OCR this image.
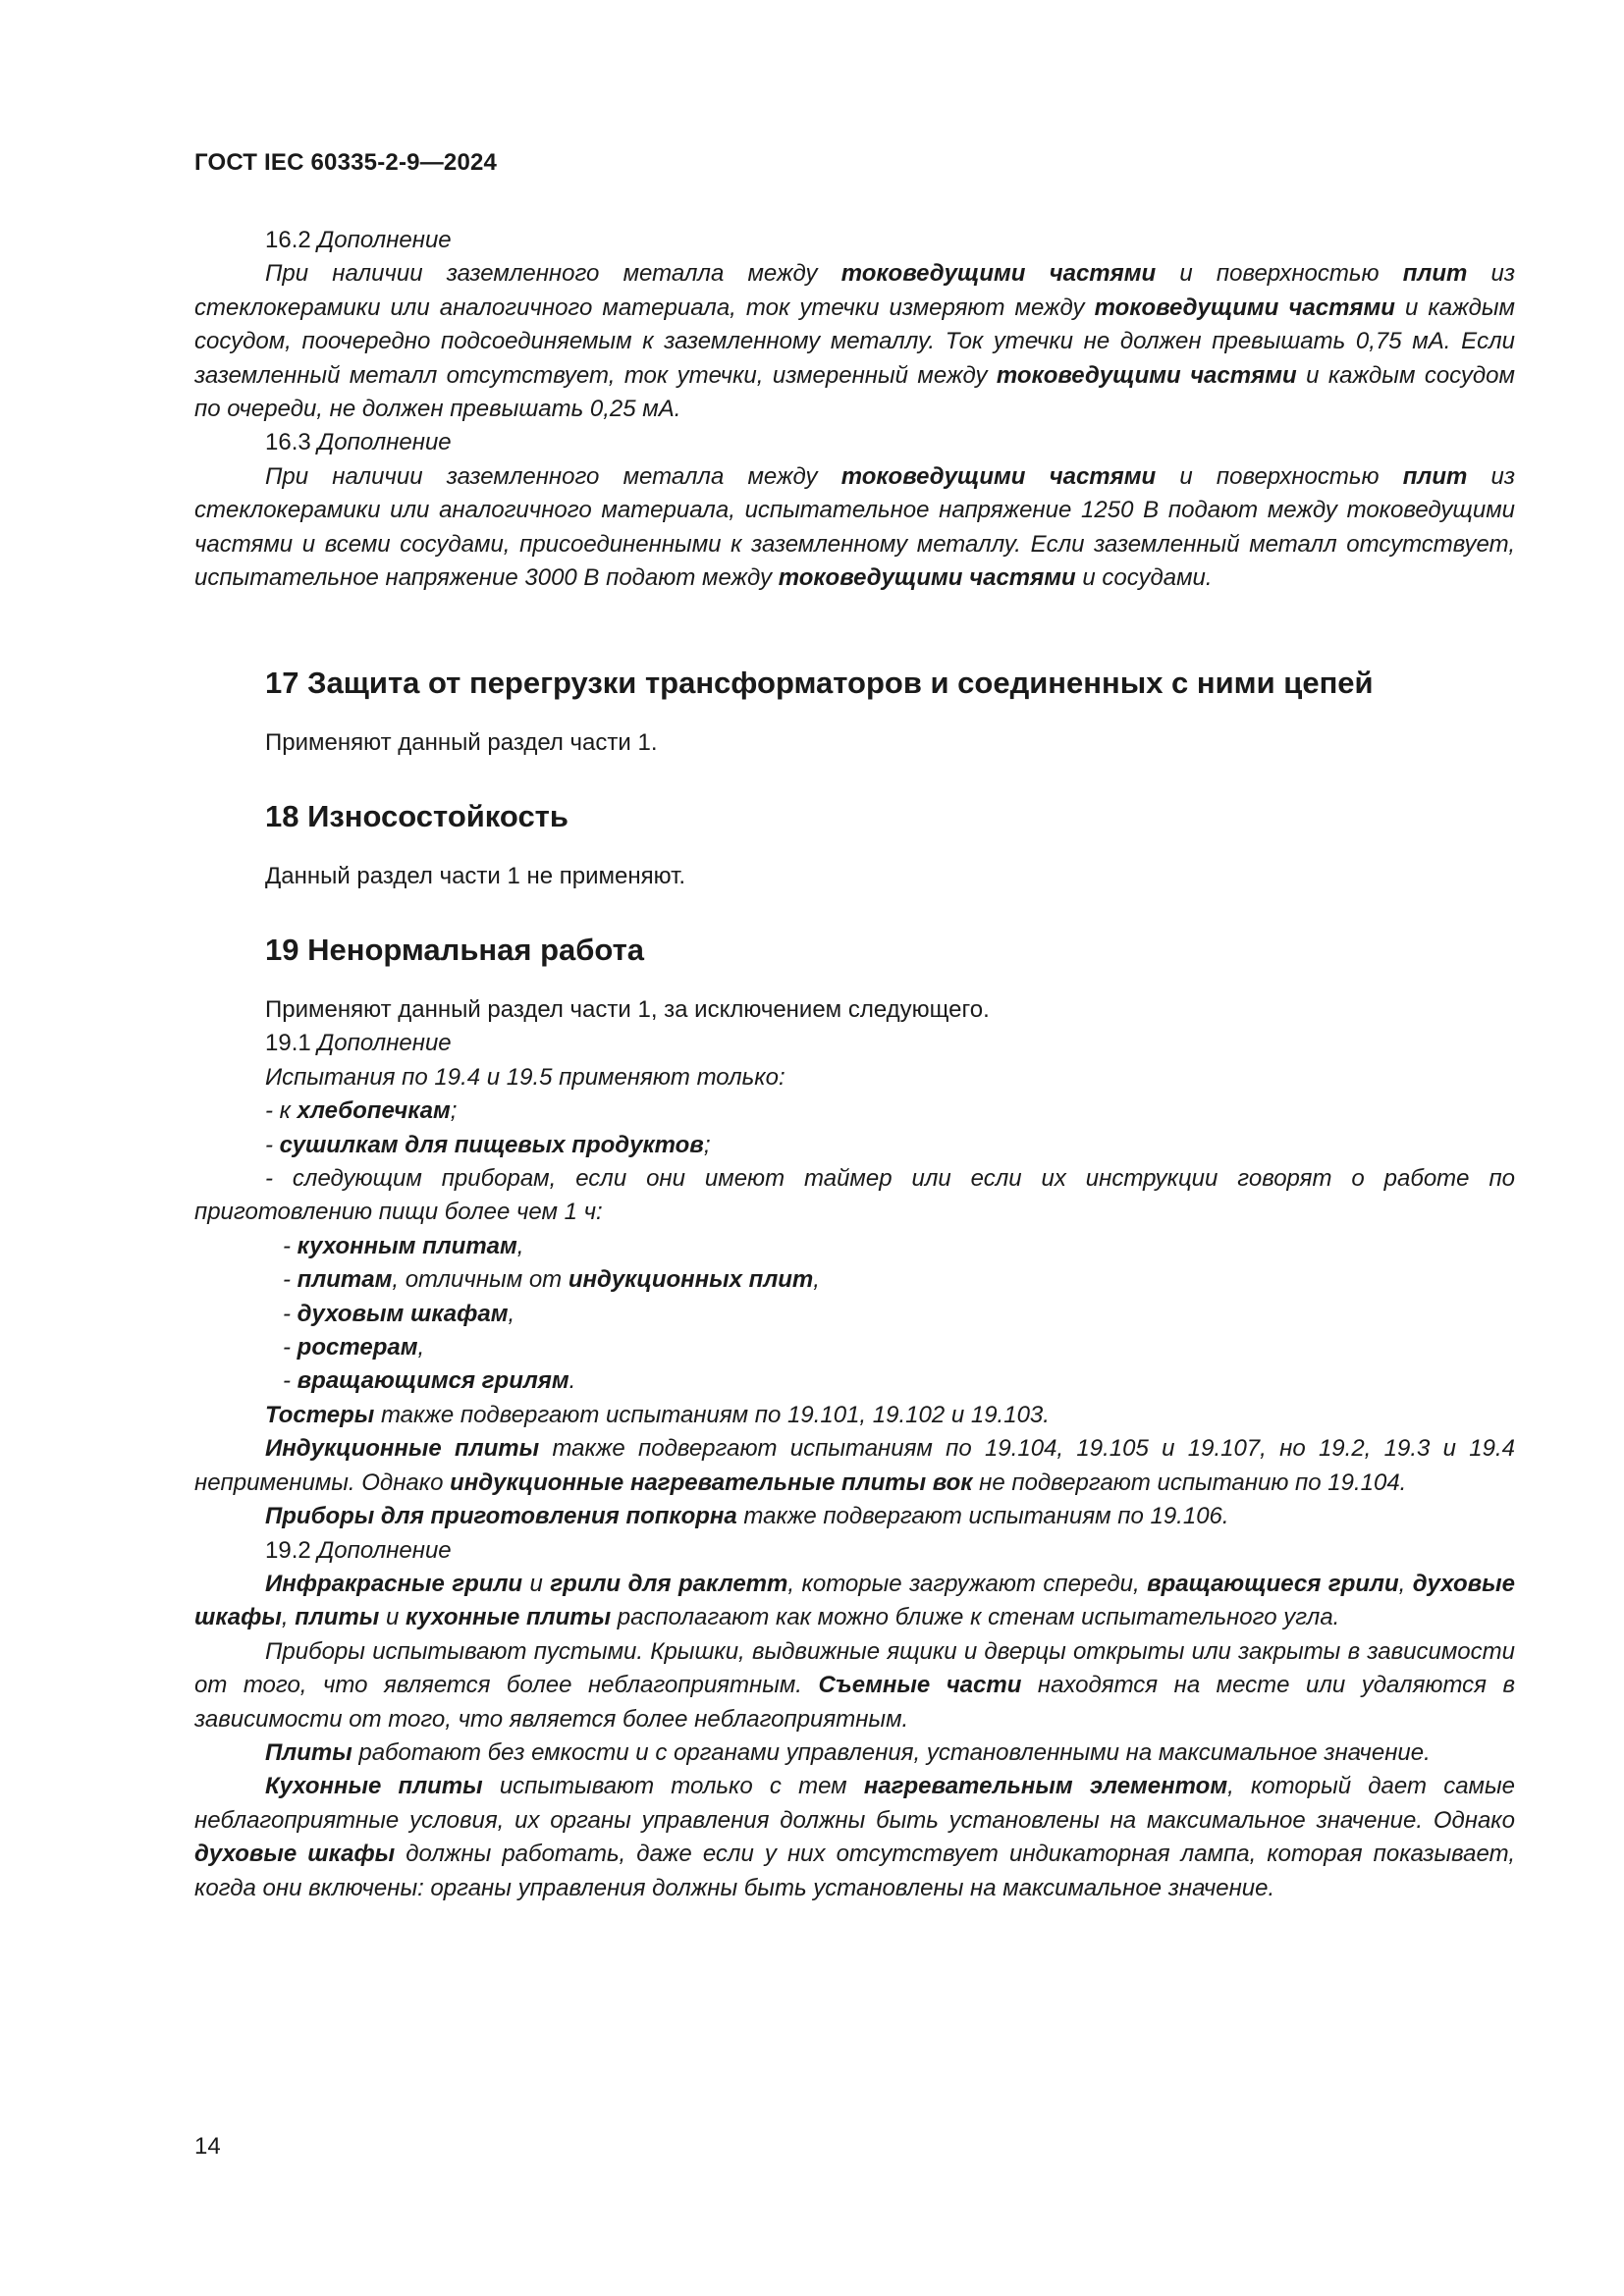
ГОСТ IEC 60335-2-9—2024

16.2 Дополнение

При наличии заземленного металла между токоведущими частями и поверхностью плит из стеклокерамики или аналогичного материала, ток утечки измеряют между токоведущими частями и каждым сосудом, поочередно подсоединяемым к заземленному металлу. Ток утечки не должен превышать 0,75 мА. Если заземленный металл отсутствует, ток утечки, измеренный между токоведущими частями и каждым сосудом по очереди, не должен превышать 0,25 мА.

16.3 Дополнение

При наличии заземленного металла между токоведущими частями и поверхностью плит из стеклокерамики или аналогичного материала, испытательное напряжение 1250 В подают между токоведущими частями и всеми сосудами, присоединенными к заземленному металлу. Если заземленный металл отсутствует, испытательное напряжение 3000 В подают между токоведущими частями и сосудами.

17 Защита от перегрузки трансформаторов и соединенных с ними цепей
Применяют данный раздел части 1.
18 Износостойкость
Данный раздел части 1 не применяют.
19 Ненормальная работа

Применяют данный раздел части 1, за исключением следующего.

19.1 Дополнение

Испытания по 19.4 и 19.5 применяют только:

- к хлебопечкам;

- сушилкам для пищевых продуктов;

- следующим приборам, если они имеют таймер или если их инструкции говорят о работе по приготовлению пищи более чем 1 ч:

- кухонным плитам,

- плитам, отличным от индукционных плит,

- духовым шкафам,

- ростерам,

- вращающимся грилям.

Тостеры также подвергают испытаниям по 19.101, 19.102 и 19.103.

Индукционные плиты также подвергают испытаниям по 19.104, 19.105 и 19.107, но 19.2, 19.3 и 19.4 неприменимы. Однако индукционные нагревательные плиты вок не подвергают испытанию по 19.104.

Приборы для приготовления попкорна также подвергают испытаниям по 19.106.

19.2 Дополнение

Инфракрасные грили и грили для раклетт, которые загружают спереди, вращающиеся грили, духовые шкафы, плиты и кухонные плиты располагают как можно ближе к стенам испытательного угла.

Приборы испытывают пустыми. Крышки, выдвижные ящики и дверцы открыты или закрыты в зависимости от того, что является более неблагоприятным. Съемные части находятся на месте или удаляются в зависимости от того, что является более неблагоприятным.

Плиты работают без емкости и с органами управления, установленными на максимальное значение.

Кухонные плиты испытывают только с тем нагревательным элементом, который дает самые неблагоприятные условия, их органы управления должны быть установлены на максимальное значение. Однако духовые шкафы должны работать, даже если у них отсутствует индикаторная лампа, которая показывает, когда они включены: органы управления должны быть установлены на максимальное значение.

14
